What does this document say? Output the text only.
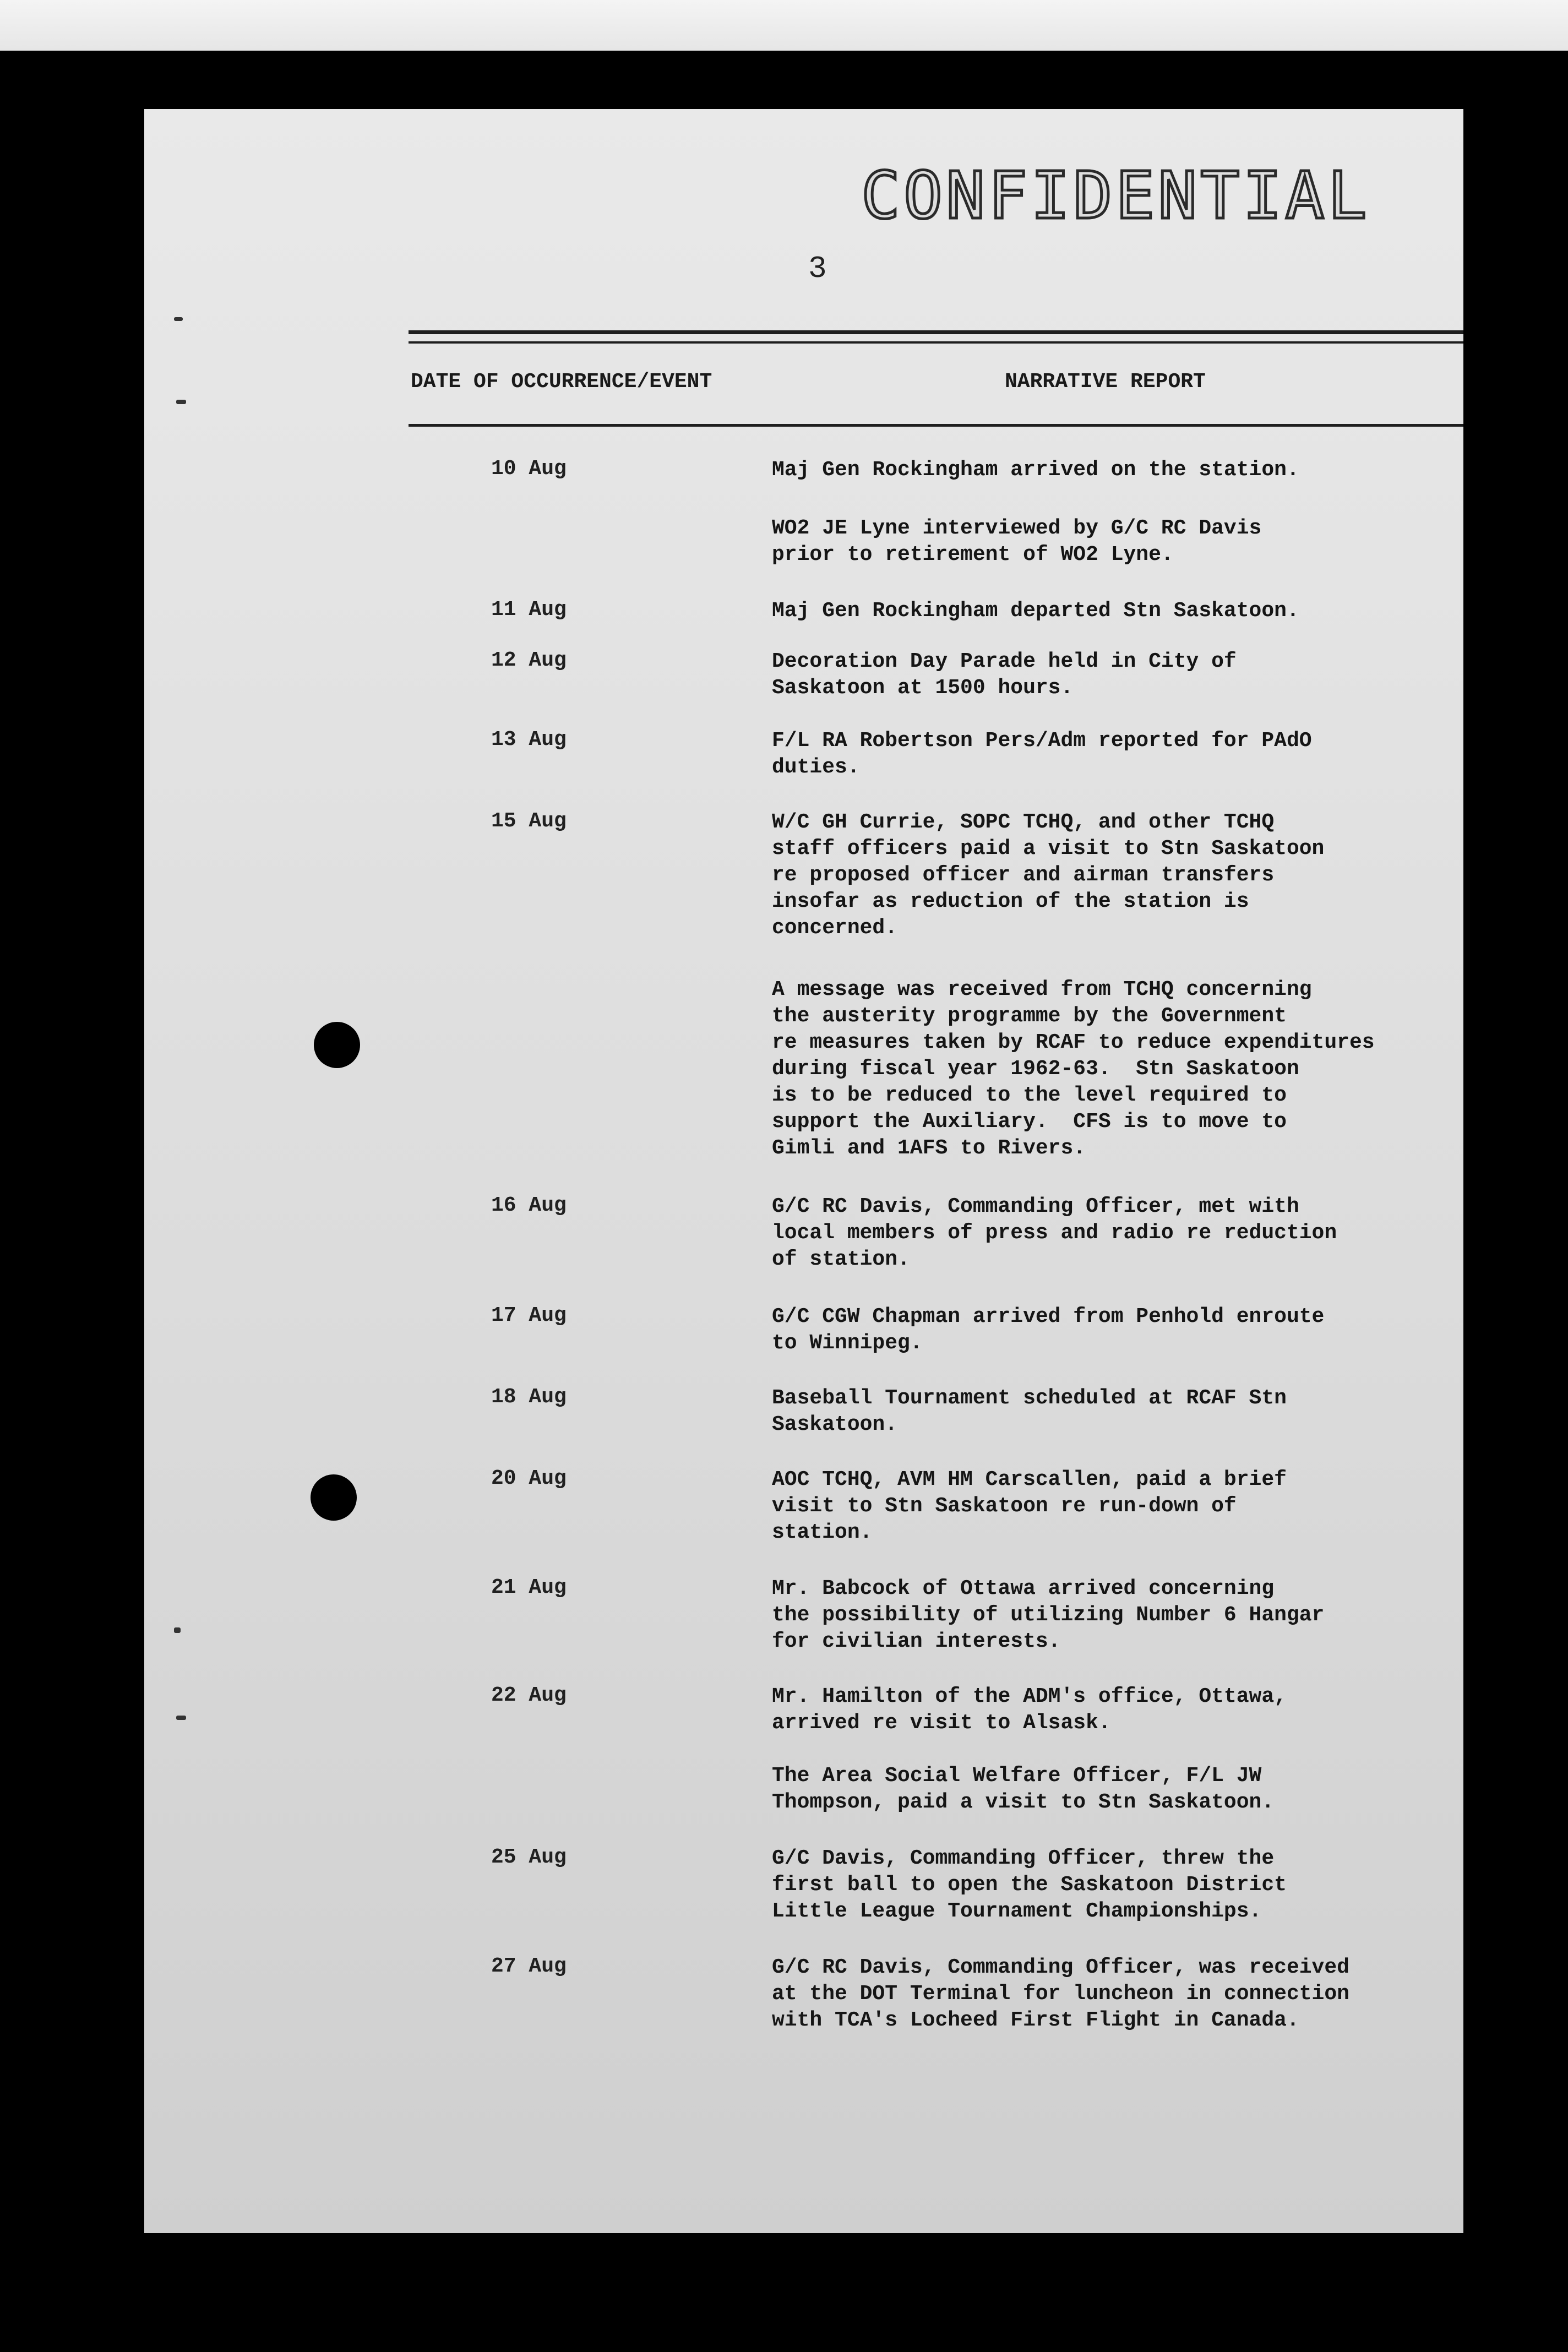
CONFIDENTIAL
3
DATE OF OCCURRENCE/EVENT	NARRATIVE REPORT
10 Aug	Maj Gen Rockingham arrived on the station.
WO2 JE Lyne interviewed by G/C RC Davis
prior to retirement of WO2 Lyne.
11 Aug	Maj Gen Rockingham departed Stn Saskatoon.
12 Aug	Decoration Day Parade held in City of
Saskatoon at 1500 hours.
13 Aug	F/L RA Robertson Pers/Adm reported for PAdO
duties.
15 Aug	W/C GH Currie, SOPC TCHQ, and other TCHQ
staff officers paid a visit to Stn Saskatoon
re proposed officer and airman transfers
insofar as reduction of the station is
concerned.
A message was received from TCHQ concerning
the austerity programme by the Government
re measures taken by RCAF to reduce expenditures
during fiscal year 1962-63.  Stn Saskatoon
is to be reduced to the level required to
support the Auxiliary.  CFS is to move to
Gimli and 1AFS to Rivers.
16 Aug	G/C RC Davis, Commanding Officer, met with
local members of press and radio re reduction
of station.
17 Aug	G/C CGW Chapman arrived from Penhold enroute
to Winnipeg.
18 Aug	Baseball Tournament scheduled at RCAF Stn
Saskatoon.
20 Aug	AOC TCHQ, AVM HM Carscallen, paid a brief
visit to Stn Saskatoon re run-down of
station.
21 Aug	Mr. Babcock of Ottawa arrived concerning
the possibility of utilizing Number 6 Hangar
for civilian interests.
22 Aug	Mr. Hamilton of the ADM's office, Ottawa,
arrived re visit to Alsask.
The Area Social Welfare Officer, F/L JW
Thompson, paid a visit to Stn Saskatoon.
25 Aug	G/C Davis, Commanding Officer, threw the
first ball to open the Saskatoon District
Little League Tournament Championships.
27 Aug	G/C RC Davis, Commanding Officer, was received
at the DOT Terminal for luncheon in connection
with TCA's Locheed First Flight in Canada.
